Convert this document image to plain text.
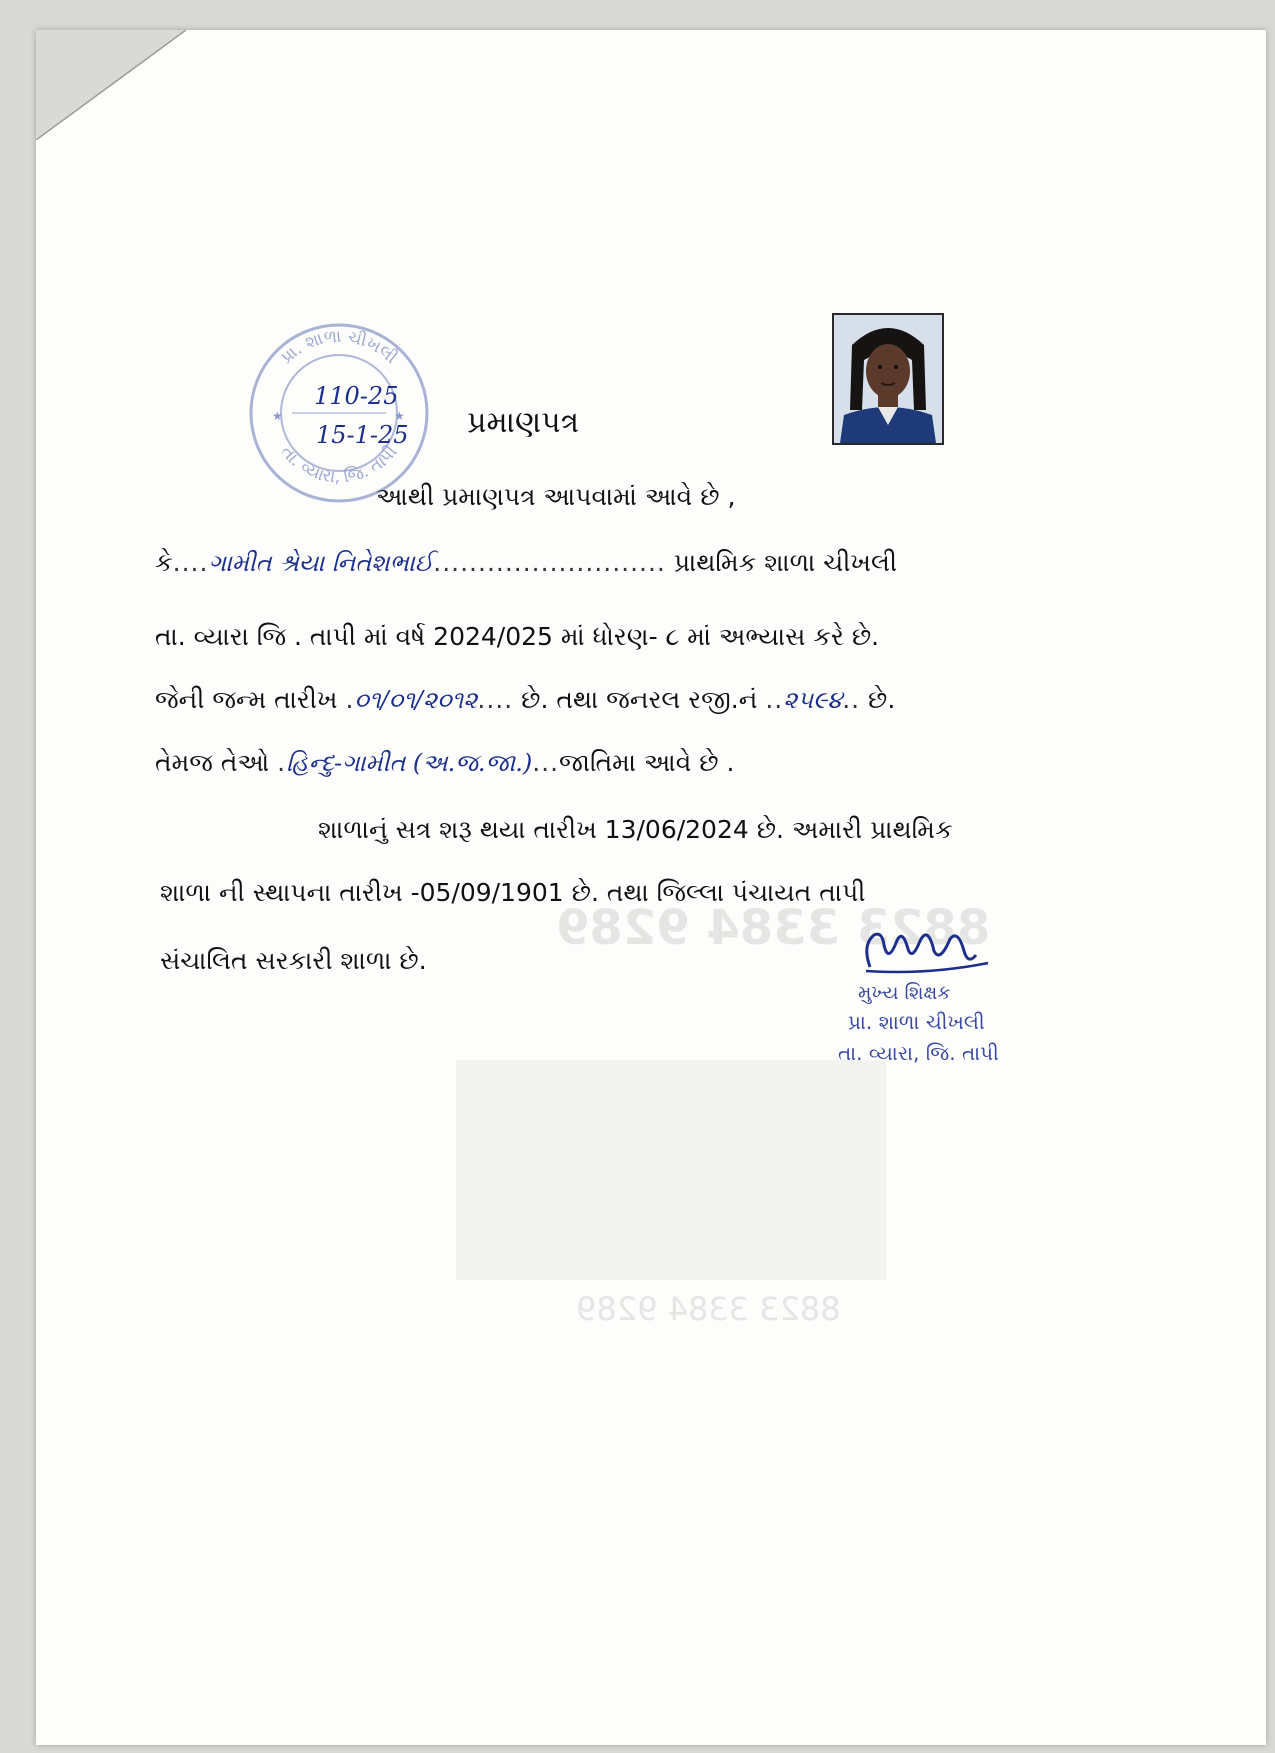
8823 3384 9289
8823 3384 9289
પ્રા. શાળા ચીખલી
તા. વ્યારા, જિ. તાપી
★	★
110-25
15-1-25 પ્રમાણપત્ર
આથી પ્રમાણપત્ર આપવામાં આવે છે ,
કે....ગામીત શ્રેયા નિતેશભાઈ.......................... પ્રાથમિક શાળા ચીખલી
તા. વ્યારા જિ . તાપી માં વર્ષ 2024/025 માં ધોરણ- ૮ માં અભ્યાસ કરે છે.
જેની જન્મ તારીખ .૦૧/૦૧/૨૦૧૨.... છે. તથા જનરલ રજી.નં ..૨૫૯૪.. છે.
તેમજ તેઓ .હિન્દુ-ગામીત (અ.જ.જા.)...જાતિમા આવે છે .
શાળાનું સત્ર શરૂ થયા તારીખ 13/06/2024 છે. અમારી પ્રાથમિક
શાળા ની સ્થાપના તારીખ -05/09/1901 છે. તથા જિલ્લા પંચાયત તાપી
સંચાલિત સરકારી શાળા છે.
મુખ્ય શિક્ષક
પ્રા. શાળા ચીખલી
તા. વ્યારા, જિ. તાપી
